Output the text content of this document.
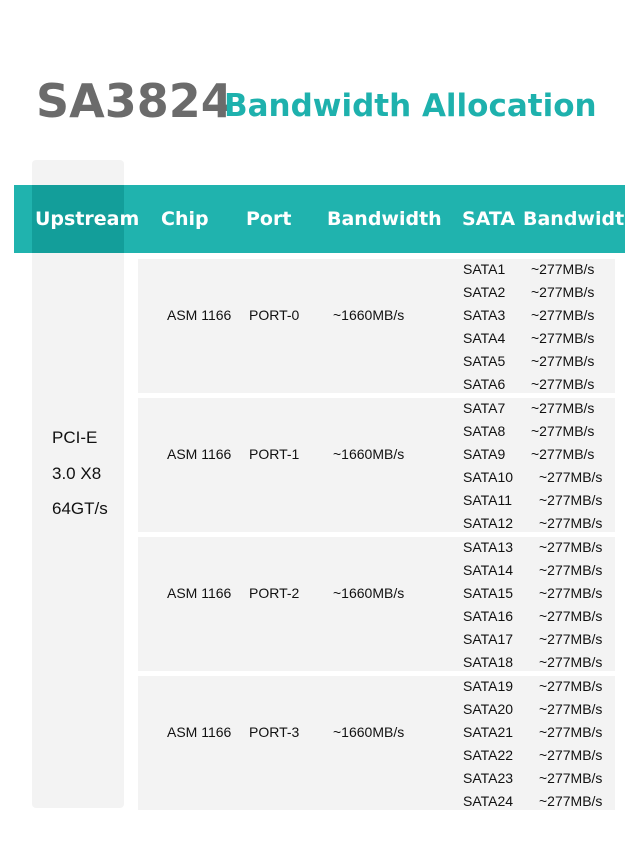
SA3824
Bandwidth Allocation
Upstream Chip Port Bandwidth SATA Bandwidth
PCI-E
3.0 X8
64GT/s
ASM 1166 PORT-0 ~1660MB/s
SATA1 ~277MB/s
SATA2 ~277MB/s
SATA3 ~277MB/s
SATA4 ~277MB/s
SATA5 ~277MB/s
SATA6 ~277MB/s
ASM 1166 PORT-1 ~1660MB/s
SATA7 ~277MB/s
SATA8 ~277MB/s
SATA9 ~277MB/s
SATA10 ~277MB/s
SATA11 ~277MB/s
SATA12 ~277MB/s
ASM 1166 PORT-2 ~1660MB/s
SATA13 ~277MB/s
SATA14 ~277MB/s
SATA15 ~277MB/s
SATA16 ~277MB/s
SATA17 ~277MB/s
SATA18 ~277MB/s
ASM 1166 PORT-3 ~1660MB/s
SATA19 ~277MB/s
SATA20 ~277MB/s
SATA21 ~277MB/s
SATA22 ~277MB/s
SATA23 ~277MB/s
SATA24 ~277MB/s
